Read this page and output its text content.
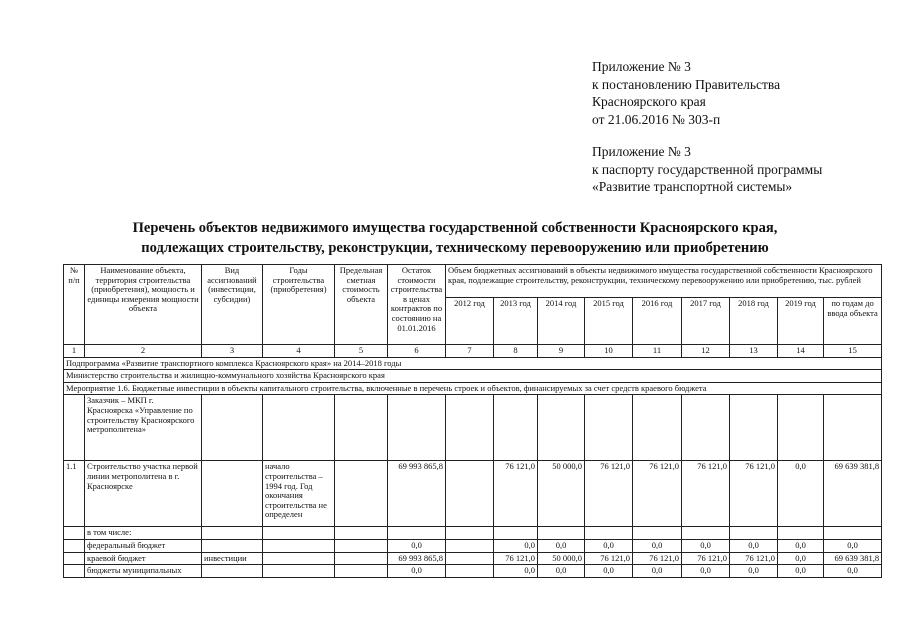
Приложение № 3
к постановлению Правительства
Красноярского края
от 21.06.2016 № 303-п
Приложение № 3
к паспорту государственной программы
«Развитие транспортной системы»
Перечень объектов недвижимого имущества государственной собственности Красноярского края,
подлежащих строительству, реконструкции, техническому перевооружению или приобретению
№ п/п	Наименование объекта, территория строительства (приобретения), мощность и единицы измерения мощности объекта	Вид ассигнований (инвестиции, субсидии)	Годы строительства (приобретения)	Предельная сметная стоимость объекта	Остаток стоимости строительства в ценах контрактов по состоянию на 01.01.2016	Объем бюджетных ассигнований в объекты недвижимого имущества государственной собственности Красноярского края, подлежащие строительству, реконструкции, техническому перевооружению или приобретению, тыс. рублей								
						2012 год	2013 год	2014 год	2015 год	2016 год	2017 год	2018 год	2019 год	по годам до ввода объекта
1	2	3	4	5	6	7	8	9	10	11	12	13	14	15
Подпрограмма «Развитие транспортного комплекса Красноярского края» на 2014–2018 годы														
Министерство строительства и жилищно-коммунального хозяйства Красноярского края														
Мероприятие 1.6. Бюджетные инвестиции в объекты капитального строительства, включенные в перечень строек и объектов, финансируемых за счет средств краевого бюджета														
	Заказчик – МКП г. Красноярска «Управление по строительству Красноярского метрополитена»													
1.1	Строительство участка первой линии метрополитена в г. Красноярске		начало строительства – 1994 год. Год окончания строительства не определен		69 993 865,8		76 121,0	50 000,0	76 121,0	76 121,0	76 121,0	76 121,0	0,0	69 639 381,8
	в том числе:													
	федеральный бюджет				0,0		0,0	0,0	0,0	0,0	0,0	0,0	0,0	0,0
	краевой бюджет	инвестиции			69 993 865,8		76 121,0	50 000,0	76 121,0	76 121,0	76 121,0	76 121,0	0,0	69 639 381,8
	бюджеты муниципальных				0,0		0,0	0,0	0,0	0,0	0,0	0,0	0,0	0,0
